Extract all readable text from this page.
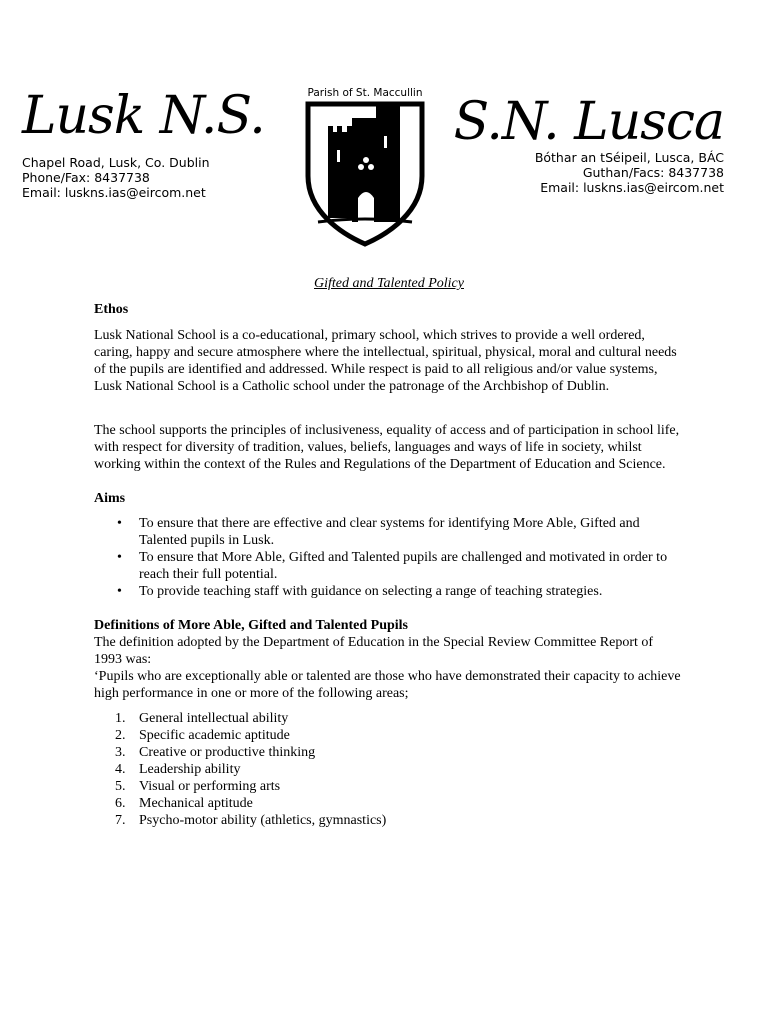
Lusk N.S.
Chapel Road, Lusk, Co. Dublin
Phone/Fax: 8437738
Email: luskns.ias@eircom.net
Parish of St. Maccullin S.N. Lusca
Bóthar an tSéipeil, Lusca, BÁC
Guthan/Facs: 8437738
Email: luskns.ias@eircom.net
Gifted and Talented Policy
Ethos

Lusk National School is a co-educational, primary school, which strives to provide a well ordered, caring, happy and secure atmosphere where the intellectual, spiritual, physical, moral and cultural needs of the pupils are identified and addressed. While respect is paid to all religious and/or value systems, Lusk National School is a Catholic school under the patronage of the Archbishop of Dublin.

The school supports the principles of inclusiveness, equality of access and of participation in school life, with respect for diversity of tradition, values, beliefs, languages and ways of life in society, whilst working within the context of the Rules and Regulations of the Department of Education and Science.

Aims
• To ensure that there are effective and clear systems for identifying More Able, Gifted and Talented pupils in Lusk.
• To ensure that More Able, Gifted and Talented pupils are challenged and motivated in order to reach their full potential.
• To provide teaching staff with guidance on selecting a range of teaching strategies.
Definitions of More Able, Gifted and Talented Pupils

The definition adopted by the Department of Education in the Special Review Committee Report of 1993 was:

‘Pupils who are exceptionally able or talented are those who have demonstrated their capacity to achieve high performance in one or more of the following areas;

1. General intellectual ability
2. Specific academic aptitude
3. Creative or productive thinking
4. Leadership ability
5. Visual or performing arts
6. Mechanical aptitude
7. Psycho-motor ability (athletics, gymnastics)
